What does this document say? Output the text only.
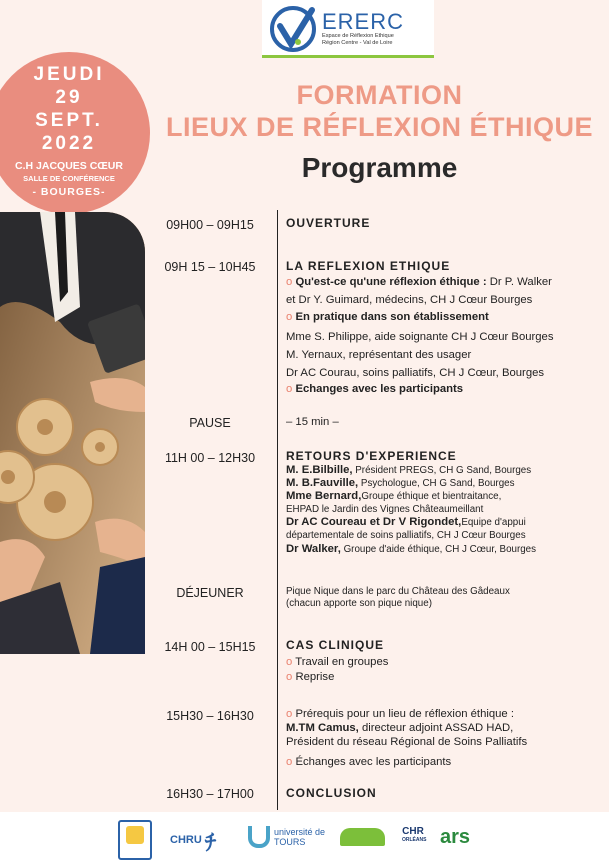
ERERC
Espace de Réflexion Ethique
Région Centre - Val de Loire
JEUDI
29
SEPT.
2022
C.H JACQUES CŒUR
SALLE DE CONFÉRENCE
- BOURGES-
FORMATION
LIEUX DE RÉFLEXION ÉTHIQUE
Programme
09H00 – 09H15	OUVERTURE
09H 15 – 10H45	LA REFLEXION ETHIQUE
o Qu'est-ce qu'une réflexion éthique : Dr P. Walker
et Dr Y. Guimard, médecins, CH J Cœur Bourges
o En pratique dans son établissement
Mme S. Philippe, aide soignante CH J Cœur Bourges
M. Yernaux, représentant des usager
Dr AC Courau, soins palliatifs, CH J Cœur, Bourges
o Echanges avec les participants
PAUSE	– 15 min –
11H 00 – 12H30	RETOURS D'EXPERIENCE
M. E.Bilbille, Président PREGS, CH G Sand, Bourges
M. B.Fauville, Psychologue, CH G Sand, Bourges
Mme Bernard,Groupe éthique et bientraitance,
EHPAD le Jardin des Vignes Châteaumeillant
Dr AC Coureau et Dr V Rigondet,Equipe d'appui
départementale de soins palliatifs, CH J Cœur Bourges
Dr Walker, Groupe d'aide éthique, CH J Cœur, Bourges
DÉJEUNER	Pique Nique dans le parc du Château des Gâdeaux
(chacun apporte son pique nique)
14H 00 – 15H15	CAS CLINIQUE
o Travail en groupes
o Reprise
15H30 – 16H30	o Prérequis pour un lieu de réflexion éthique :
M.TM Camus, directeur adjoint ASSAD HAD,
Président du réseau Régional de Soins Palliatifs
o Échanges avec les participants
16H30 – 17H00	CONCLUSION
CHRU ﾁ	université de TOURS
CHR
ORLÉANS ars
